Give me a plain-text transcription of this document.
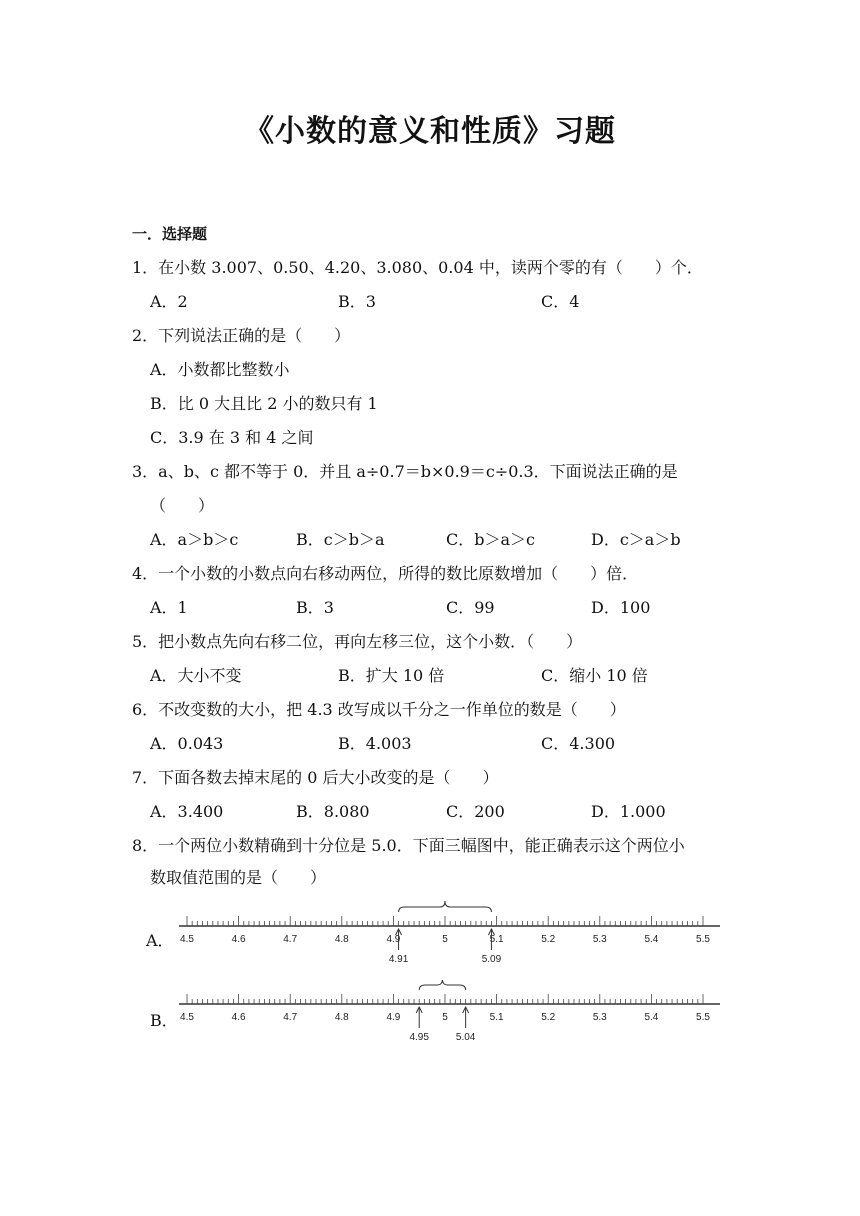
《小数的意义和性质》习题
一．选择题
1．在小数 3.007、0.50、4.20、3.080、0.04 中，读两个零的有（　　）个．
A．2	B．3	C．4
2．下列说法正确的是（　　）
A．小数都比整数小
B．比 0 大且比 2 小的数只有 1
C．3.9 在 3 和 4 之间
3．a、b、c 都不等于 0．并且 a÷0.7＝b×0.9＝c÷0.3．下面说法正确的是
（　　）
A．a＞b＞c	B．c＞b＞a	C．b＞a＞c	D．c＞a＞b
4．一个小数的小数点向右移动两位，所得的数比原数增加（　　）倍．
A．1	B．3	C．99	D．100
5．把小数点先向右移二位，再向左移三位，这个小数．（　　）
A．大小不变	B．扩大 10 倍	C．缩小 10 倍
6．不改变数的大小，把 4.3 改写成以千分之一作单位的数是（　　）
A．0.043	B．4.003	C．4.300
7．下面各数去掉末尾的 0 后大小改变的是（　　）
A．3.400	B．8.080	C．200	D．1.000
8．一个两位小数精确到十分位是 5.0．下面三幅图中，能正确表示这个两位小
数取值范围的是（　　）
A． 4.5	4.6	4.7	4.8	4.9	5	5.1	5.2	5.3	5.4	5.5
4.91	5.09
B． 4.5	4.6	4.7	4.8	4.9	5	5.1	5.2	5.3	5.4	5.5
4.95	5.04
